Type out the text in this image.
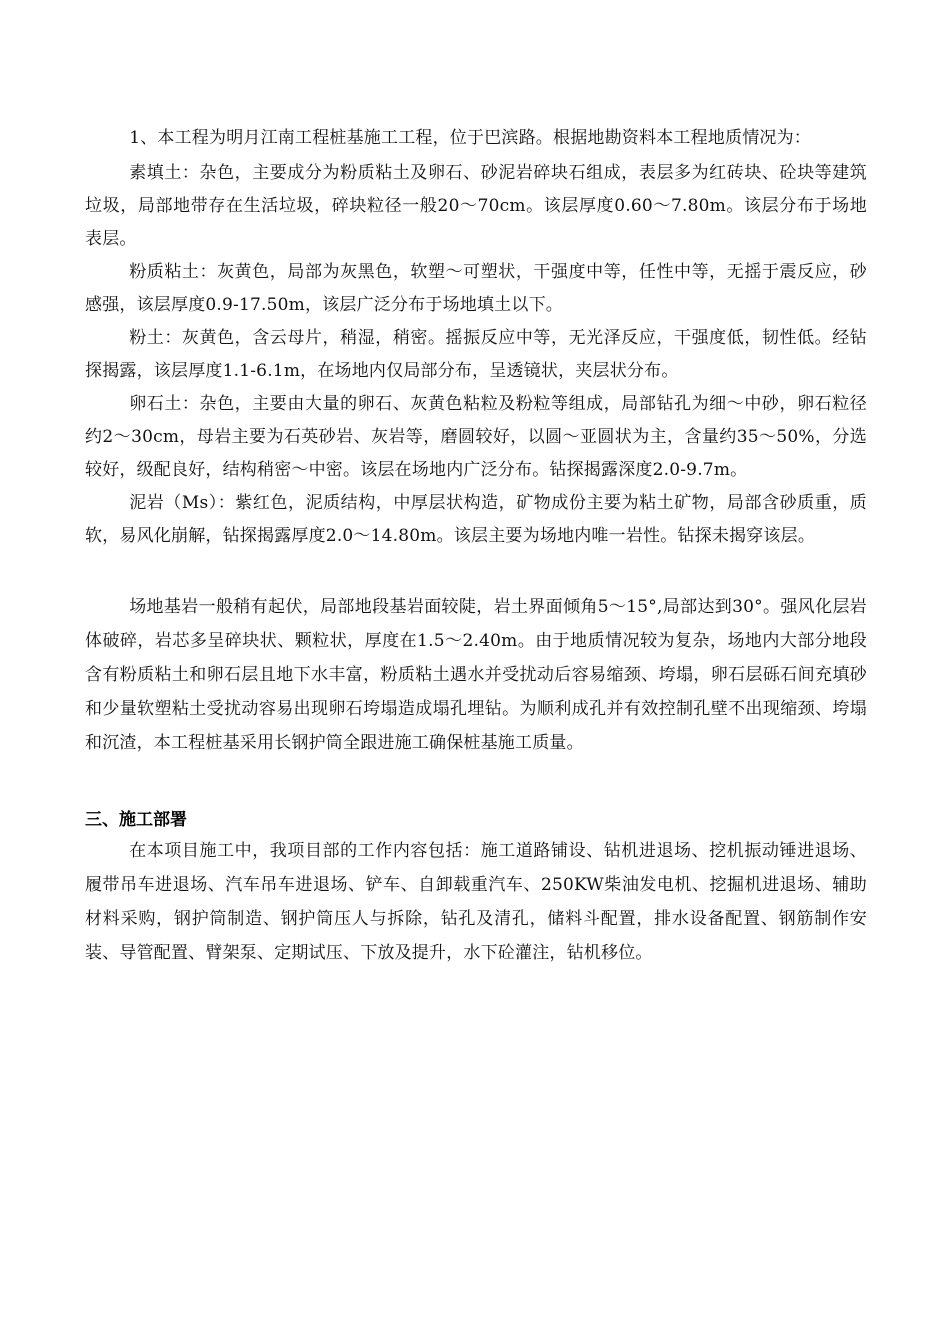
1、本工程为明月江南工程桩基施工工程，位于巴滨路。根据地勘资料本工程地质情况为：

素填土：杂色，主要成分为粉质粘土及卵石、砂泥岩碎块石组成，表层多为红砖块、砼块等建筑垃圾，局部地带存在生活垃圾，碎块粒径一般20～70cm。该层厚度0.60～7.80m。该层分布于场地表层。

粉质粘土：灰黄色，局部为灰黑色，软塑～可塑状，干强度中等，任性中等，无摇于震反应，砂感强，该层厚度0.9-17.50m，该层广泛分布于场地填土以下。

粉土：灰黄色，含云母片，稍湿，稍密。摇振反应中等，无光泽反应，干强度低，韧性低。经钻探揭露，该层厚度1.1-6.1m，在场地内仅局部分布，呈透镜状，夹层状分布。

卵石土：杂色，主要由大量的卵石、灰黄色粘粒及粉粒等组成，局部钻孔为细～中砂，卵石粒径约2～30cm，母岩主要为石英砂岩、灰岩等，磨圆较好，以圆～亚圆状为主，含量约35～50%，分选较好，级配良好，结构稍密～中密。该层在场地内广泛分布。钻探揭露深度2.0-9.7m。

泥岩（Ms）：紫红色，泥质结构，中厚层状构造，矿物成份主要为粘土矿物，局部含砂质重，质软，易风化崩解，钻探揭露厚度2.0～14.80m。该层主要为场地内唯一岩性。钻探未揭穿该层。

场地基岩一般稍有起伏，局部地段基岩面较陡，岩土界面倾角5～15°,局部达到30°。强风化层岩体破碎，岩芯多呈碎块状、颗粒状，厚度在1.5～2.40m。由于地质情况较为复杂，场地内大部分地段含有粉质粘土和卵石层且地下水丰富，粉质粘土遇水并受扰动后容易缩颈、垮塌，卵石层砾石间充填砂和少量软塑粘土受扰动容易出现卵石垮塌造成塌孔埋钻。为顺利成孔并有效控制孔壁不出现缩颈、垮塌和沉渣，本工程桩基采用长钢护筒全跟进施工确保桩基施工质量。

三、施工部署

在本项目施工中，我项目部的工作内容包括：施工道路铺设、钻机进退场、挖机振动锤进退场、履带吊车进退场、汽车吊车进退场、铲车、自卸载重汽车、250KW柴油发电机、挖掘机进退场、辅助材料采购，钢护筒制造、钢护筒压人与拆除，钻孔及清孔，储料斗配置，排水设备配置、钢筋制作安装、导管配置、臂架泵、定期试压、下放及提升，水下砼灌注，钻机移位。
